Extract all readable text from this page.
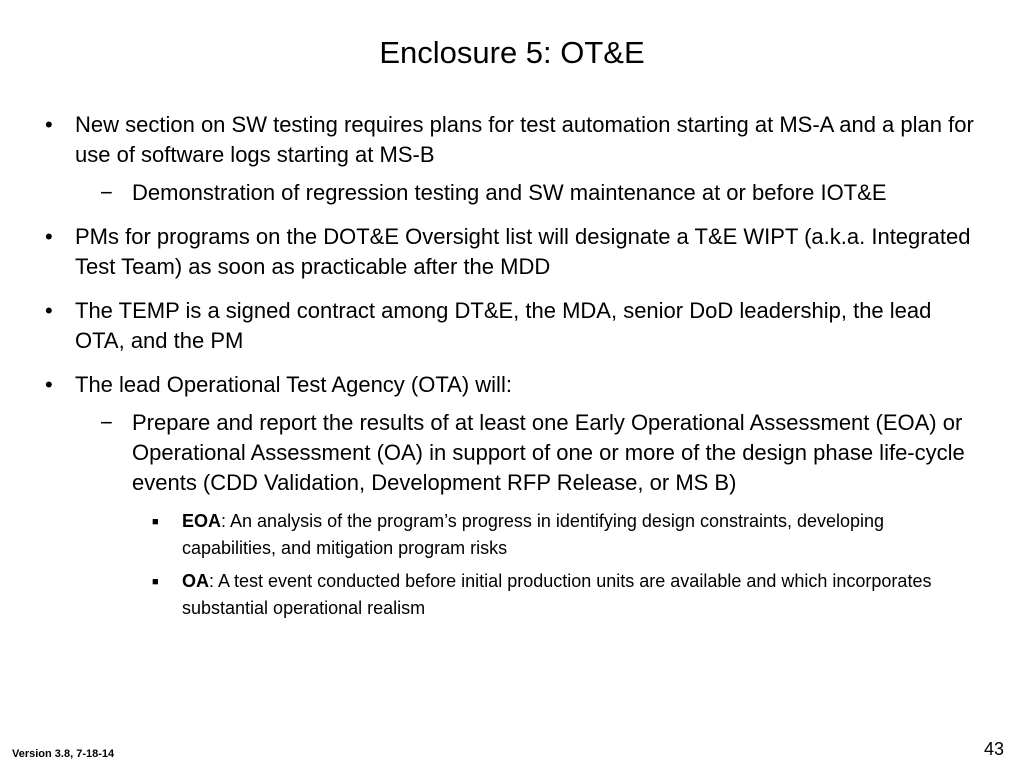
Enclosure 5: OT&E
• New section on SW testing requires plans for test automation starting at MS-A and a plan for use of software logs starting at MS-B
− Demonstration of regression testing and SW maintenance at or before IOT&E
• PMs for programs on the DOT&E Oversight list will designate a T&E WIPT (a.k.a. Integrated Test Team) as soon as practicable after the MDD
• The TEMP is a signed contract among DT&E, the MDA, senior DoD leadership, the lead OTA, and the PM
• The lead Operational Test Agency (OTA) will:
− Prepare and report the results of at least one Early Operational Assessment (EOA) or Operational Assessment (OA) in support of one or more of the design phase life-cycle events (CDD Validation, Development RFP Release, or MS B)
■ EOA: An analysis of the program’s progress in identifying design constraints, developing capabilities, and mitigation program risks
■ OA: A test event conducted before initial production units are available and which incorporates substantial operational realism
Version 3.8, 7-18-14	43
